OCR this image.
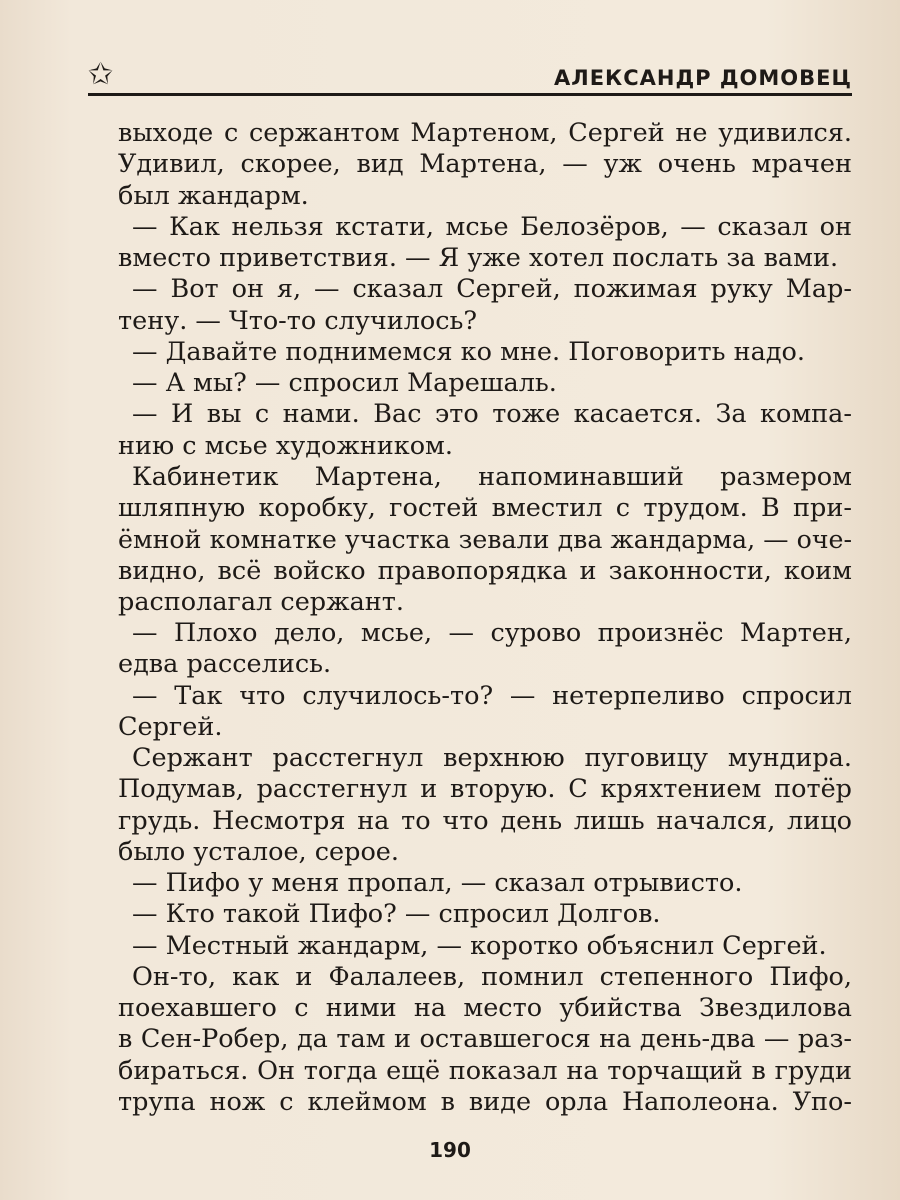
✩	АЛЕКСАНДР ДОМОВЕЦ
выходе с сержантом Мартеном, Сергей не удивился.
Удивил, скорее, вид Мартена, — уж очень мрачен
был жандарм.
— Как нельзя кстати, мсье Белозёров, — сказал он
вместо приветствия. — Я уже хотел послать за вами.
— Вот он я, — сказал Сергей, пожимая руку Мар-
тену. — Что-то случилось?
— Давайте поднимемся ко мне. Поговорить надо.
— А мы? — спросил Марешаль.
— И вы с нами. Вас это тоже касается. За компа-
нию с мсье художником.
Кабинетик Мартена, напоминавший размером
шляпную коробку, гостей вместил с трудом. В при-
ёмной комнатке участка зевали два жандарма, — оче-
видно, всё войско правопорядка и законности, коим
располагал сержант.
— Плохо дело, мсье, — сурово произнёс Мартен,
едва расселись.
— Так что случилось-то? — нетерпеливо спросил
Сергей.
Сержант расстегнул верхнюю пуговицу мундира.
Подумав, расстегнул и вторую. С кряхтением потёр
грудь. Несмотря на то что день лишь начался, лицо
было усталое, серое.
— Пифо у меня пропал, — сказал отрывисто.
— Кто такой Пифо? — спросил Долгов.
— Местный жандарм, — коротко объяснил Сергей.
Он-то, как и Фалалеев, помнил степенного Пифо,
поехавшего с ними на место убийства Звездилова
в Сен-Робер, да там и оставшегося на день-два — раз-
бираться. Он тогда ещё показал на торчащий в груди
трупа нож с клеймом в виде орла Наполеона. Упо-
190
